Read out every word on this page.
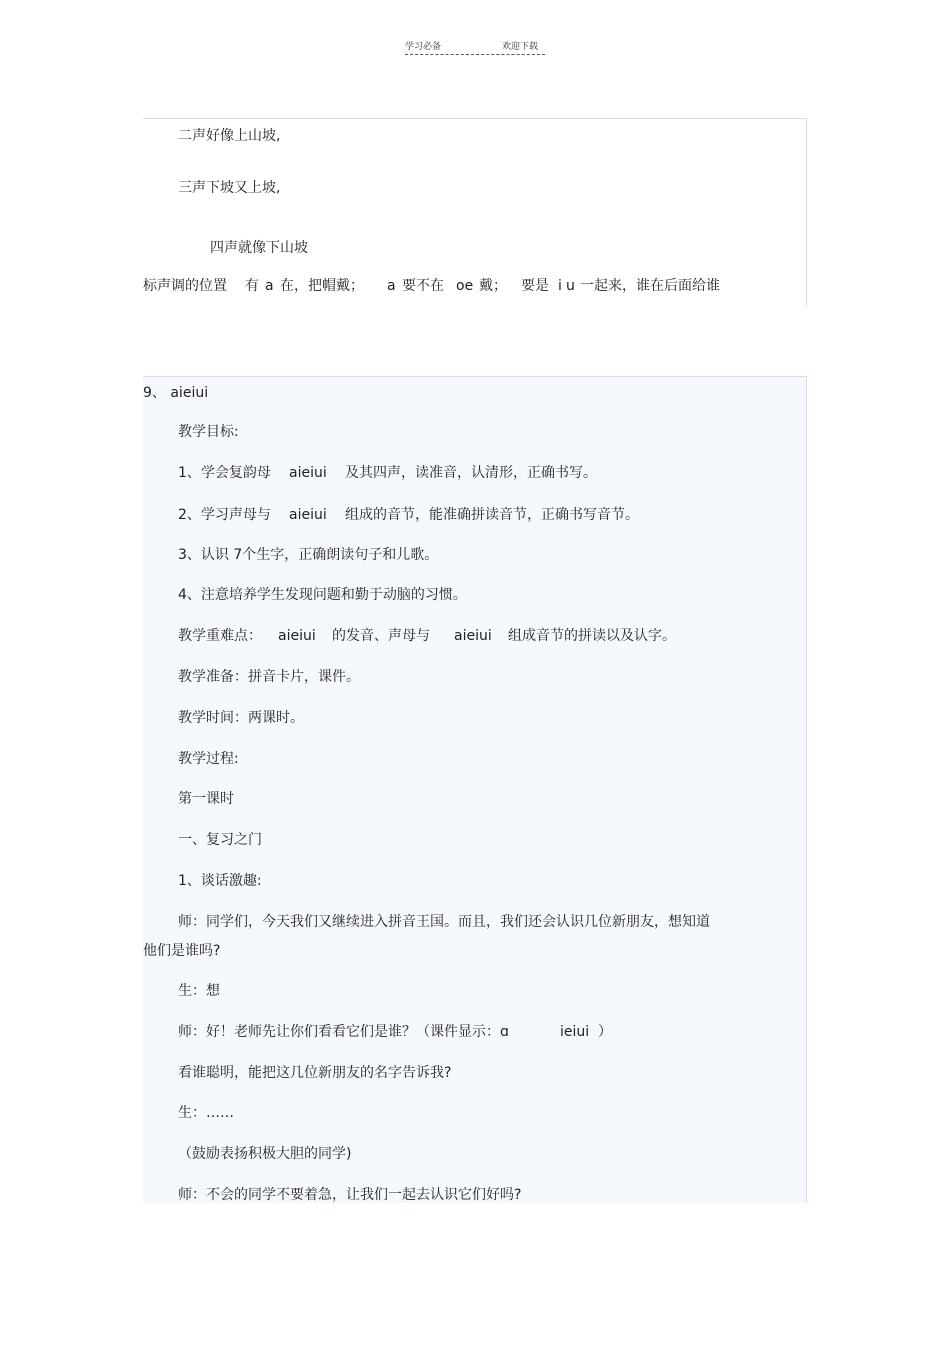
学习必备	欢迎下载
二声好像上山坡,
三声下坡又上坡,
四声就像下山坡
标声调的位置 有 a 在，把帽戴； a 要不在 oe 戴； 要是 i u 一起来，谁在后面给谁
9、 aieiui
教学目标:
1、学会复韵母 aieiui 及其四声，读准音，认清形，正确书写。
2、学习声母与 aieiui 组成的音节，能准确拼读音节，正确书写音节。
3、认识 7个生字，正确朗读句子和儿歌。
4、注意培养学生发现问题和勤于动脑的习惯。
教学重难点： aieiui 的发音、声母与 aieiui 组成音节的拼读以及认字。
教学准备：拼音卡片，课件。
教学时间：两课时。
教学过程:
第一课时
一、复习之门
1、谈话激趣:
师：同学们，今天我们又继续进入拼音王国。而且，我们还会认识几位新朋友，想知道
他们是谁吗?
生：想
师：好！老师先让你们看看它们是谁？（课件显示：ɑ	ieiui ）
看谁聪明，能把这几位新朋友的名字告诉我?
生：……
（鼓励表扬积极大胆的同学)
师：不会的同学不要着急，让我们一起去认识它们好吗?
